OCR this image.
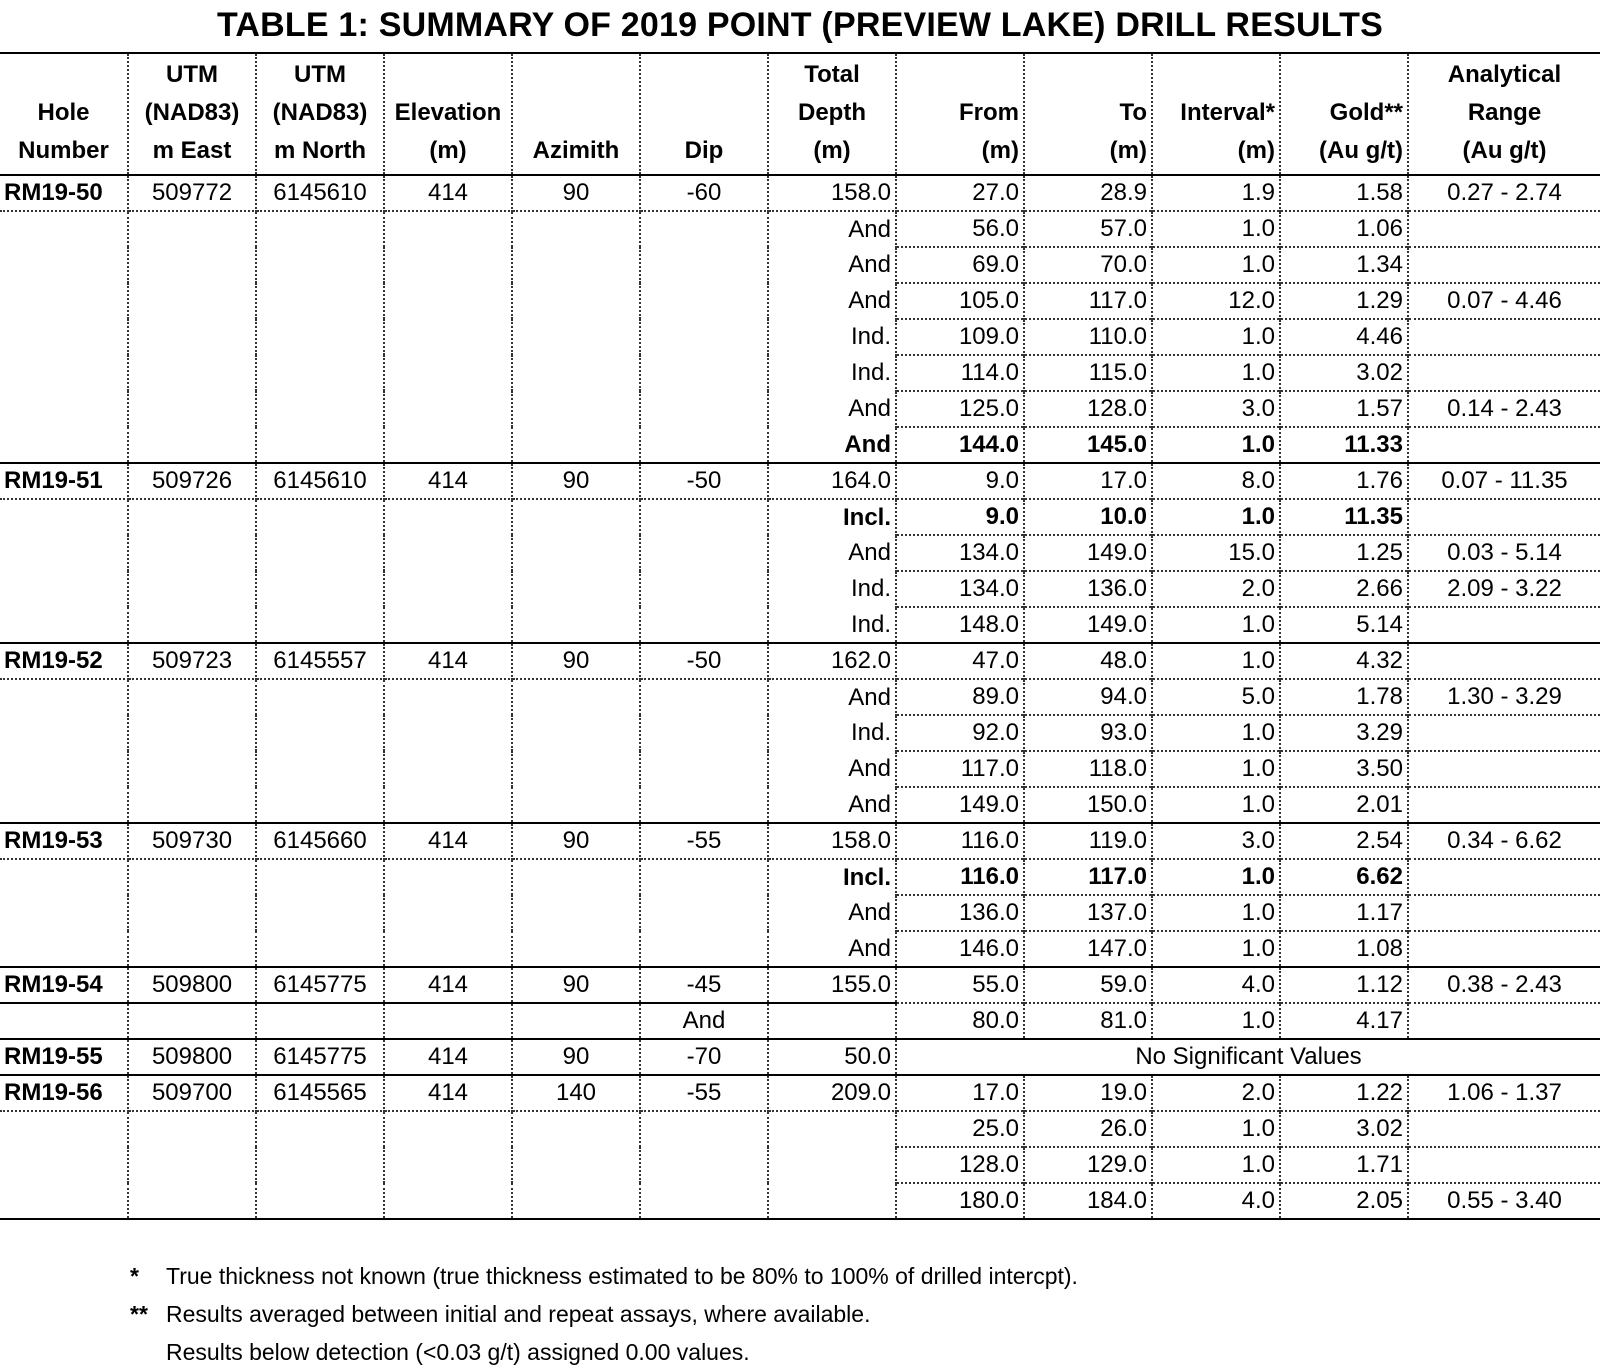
TABLE 1: SUMMARY OF 2019 POINT (PREVIEW LAKE) DRILL RESULTS
Hole
Number	UTM
(NAD83)
m East	UTM
(NAD83)
m North	Elevation
(m)	Azimith	Dip	Total
Depth
(m)	From
(m)	To
(m)	Interval*
(m)	Gold**
(Au g/t)	Analytical
Range
(Au g/t)
RM19-50	509772	6145610	414	90	-60	158.0	27.0	28.9	1.9	1.58	0.27 - 2.74
						And	56.0	57.0	1.0	1.06	
						And	69.0	70.0	1.0	1.34	
						And	105.0	117.0	12.0	1.29	0.07 - 4.46
						Ind.	109.0	110.0	1.0	4.46	
						Ind.	114.0	115.0	1.0	3.02	
						And	125.0	128.0	3.0	1.57	0.14 - 2.43
						And	144.0	145.0	1.0	11.33	
RM19-51	509726	6145610	414	90	-50	164.0	9.0	17.0	8.0	1.76	0.07 - 11.35
						Incl.	9.0	10.0	1.0	11.35	
						And	134.0	149.0	15.0	1.25	0.03 - 5.14
						Ind.	134.0	136.0	2.0	2.66	2.09 - 3.22
						Ind.	148.0	149.0	1.0	5.14	
RM19-52	509723	6145557	414	90	-50	162.0	47.0	48.0	1.0	4.32	
						And	89.0	94.0	5.0	1.78	1.30 - 3.29
						Ind.	92.0	93.0	1.0	3.29	
						And	117.0	118.0	1.0	3.50	
						And	149.0	150.0	1.0	2.01	
RM19-53	509730	6145660	414	90	-55	158.0	116.0	119.0	3.0	2.54	0.34 - 6.62
						Incl.	116.0	117.0	1.0	6.62	
						And	136.0	137.0	1.0	1.17	
						And	146.0	147.0	1.0	1.08	
RM19-54	509800	6145775	414	90	-45	155.0	55.0	59.0	4.0	1.12	0.38 - 2.43
					And		80.0	81.0	1.0	4.17	
RM19-55	509800	6145775	414	90	-70	50.0	No Significant Values				
RM19-56	509700	6145565	414	140	-55	209.0	17.0	19.0	2.0	1.22	1.06 - 1.37
							25.0	26.0	1.0	3.02	
							128.0	129.0	1.0	1.71	
							180.0	184.0	4.0	2.05	0.55 - 3.40
* True thickness not known (true thickness estimated to be 80% to 100% of drilled intercpt).
** Results averaged between initial and repeat assays, where available.
Results below detection (<0.03 g/t) assigned 0.00 values.
